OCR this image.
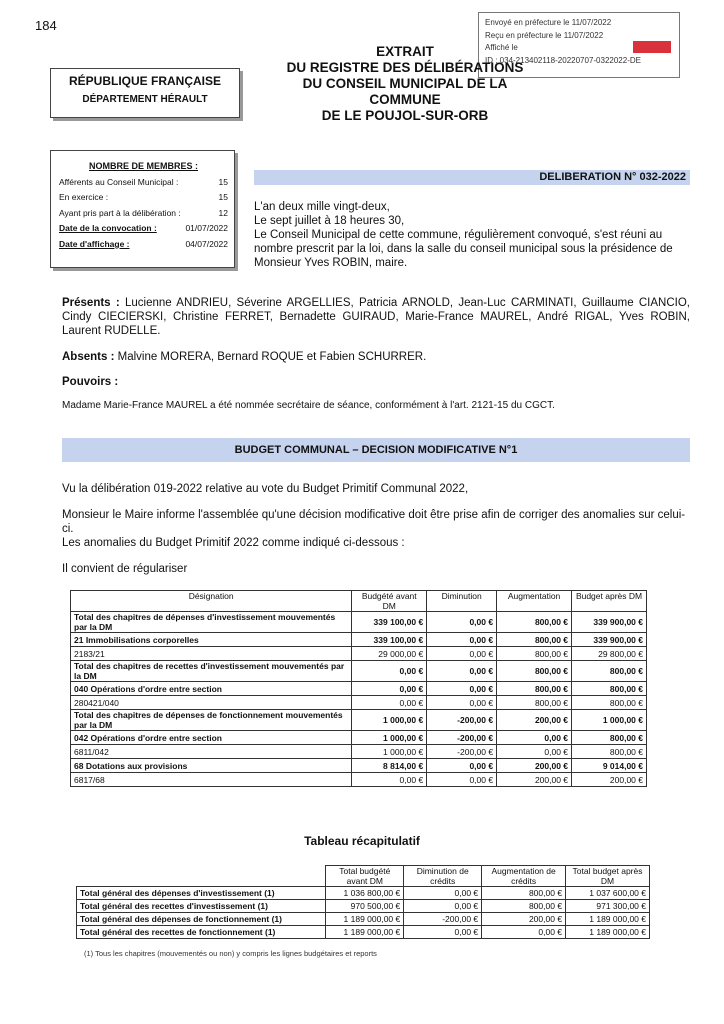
184	Envoyé en préfecture le 11/07/2022
Reçu en préfecture le 11/07/2022
Affiché le
ID : 034-213402118-20220707-0322022-DE
EXTRAIT
DU REGISTRE DES DÉLIBÉRATIONS
DU CONSEIL MUNICIPAL DE LA
COMMUNE
DE LE POUJOL-SUR-ORB
RÉPUBLIQUE FRANÇAISE
DÉPARTEMENT HÉRAULT
NOMBRE DE MEMBRES :
Afférents au Conseil Municipal :	15
En exercice :	15
Ayant pris part à la délibération :	12
Date de la convocation :	01/07/2022
Date d'affichage :	04/07/2022
DELIBERATION N° 032-2022
L'an deux mille vingt-deux,
Le sept juillet à 18 heures 30,
Le Conseil Municipal de cette commune, régulièrement convoqué, s'est réuni au nombre prescrit par la loi, dans la salle du conseil municipal sous la présidence de Monsieur Yves ROBIN, maire.
Présents : Lucienne ANDRIEU, Séverine ARGELLIES, Patricia ARNOLD, Jean-Luc CARMINATI, Guillaume CIANCIO, Cindy CIECIERSKI, Christine FERRET, Bernadette GUIRAUD, Marie-France MAUREL, André RIGAL, Yves ROBIN, Laurent RUDELLE.
Absents : Malvine MORERA, Bernard ROQUE et Fabien SCHURRER.
Pouvoirs :
Madame Marie-France MAUREL a été nommée secrétaire de séance, conformément à l'art. 2121-15 du CGCT.
BUDGET COMMUNAL – DECISION MODIFICATIVE N°1

Vu la délibération 019-2022 relative au vote du Budget Primitif Communal 2022,

Monsieur le Maire informe l'assemblée qu'une décision modificative doit être prise afin de corriger des anomalies sur celui-ci.

Les anomalies du Budget Primitif 2022 comme indiqué ci-dessous :

Il convient de régulariser

Désignation	Budgété avant DM	Diminution	Augmentation	Budget après DM
Total des chapitres de dépenses d'investissement mouvementés par la DM	339 100,00 €	0,00 €	800,00 €	339 900,00 €
21 Immobilisations corporelles	339 100,00 €	0,00 €	800,00 €	339 900,00 €
2183/21	29 000,00 €	0,00 €	800,00 €	29 800,00 €
Total des chapitres de recettes d'investissement mouvementés par la DM	0,00 €	0,00 €	800,00 €	800,00 €
040 Opérations d'ordre entre section	0,00 €	0,00 €	800,00 €	800,00 €
280421/040	0,00 €	0,00 €	800,00 €	800,00 €
Total des chapitres de dépenses de fonctionnement mouvementés par la DM	1 000,00 €	-200,00 €	200,00 €	1 000,00 €
042 Opérations d'ordre entre section	1 000,00 €	-200,00 €	0,00 €	800,00 €
6811/042	1 000,00 €	-200,00 €	0,00 €	800,00 €
68 Dotations aux provisions	8 814,00 €	0,00 €	200,00 €	9 014,00 €
6817/68	0,00 €	0,00 €	200,00 €	200,00 €
Tableau récapitulatif
	Total budgété avant DM	Diminution de crédits	Augmentation de crédits	Total budget après DM
Total général des dépenses d'investissement (1)	1 036 800,00 €	0,00 €	800,00 €	1 037 600,00 €
Total général des recettes d'investissement (1)	970 500,00 €	0,00 €	800,00 €	971 300,00 €
Total général des dépenses de fonctionnement (1)	1 189 000,00 €	-200,00 €	200,00 €	1 189 000,00 €
Total général des recettes de fonctionnement (1)	1 189 000,00 €	0,00 €	0,00 €	1 189 000,00 €
(1) Tous les chapitres (mouvementés ou non) y compris les lignes budgétaires et reports
